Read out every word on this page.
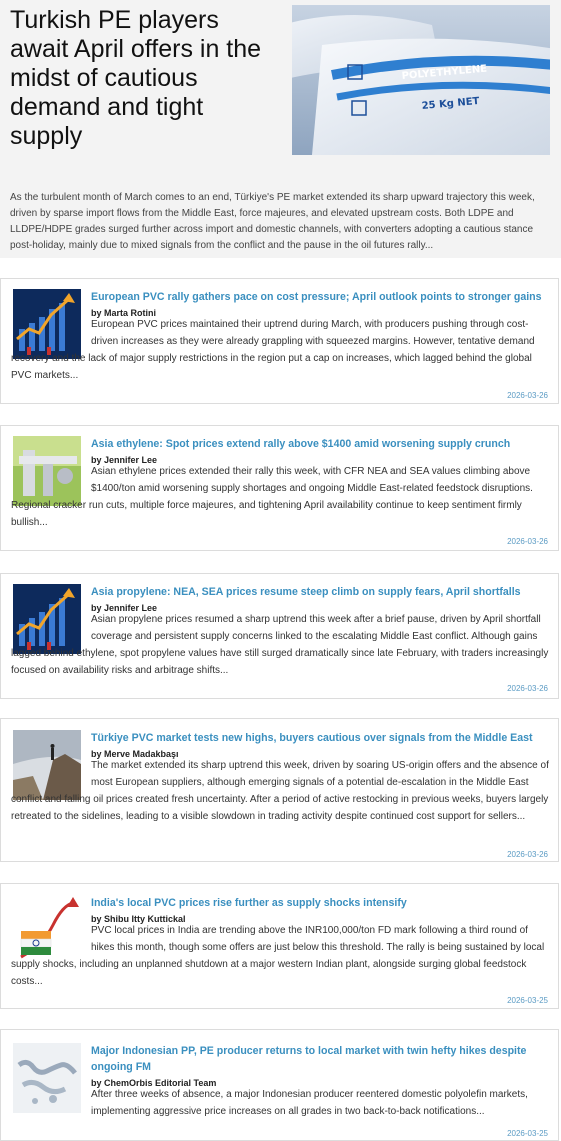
Turkish PE players await April offers in the midst of cautious demand and tight supply
POLYETHYLENE
25 Kg NET

As the turbulent month of March comes to an end, Türkiye's PE market extended its sharp upward trajectory this week, driven by sparse import flows from the Middle East, force majeures, and elevated upstream costs. Both LDPE and LLDPE/HDPE grades surged further across import and domestic channels, with converters adopting a cautious stance post-holiday, mainly due to mixed signals from the conflict and the pause in the oil futures rally...

European PVC rally gathers pace on cost pressure; April outlook points to stronger gains
by Marta Rotini
European PVC prices maintained their uptrend during March, with producers pushing through cost-driven increases as they were already grappling with squeezed margins. However, tentative demand recovery and the lack of major supply restrictions in the region put a cap on increases, which lagged behind the global PVC markets...
2026-03-26
Asia ethylene: Spot prices extend rally above $1400 amid worsening supply crunch
by Jennifer Lee
Asian ethylene prices extended their rally this week, with CFR NEA and SEA values climbing above $1400/ton amid worsening supply shortages and ongoing Middle East-related feedstock disruptions. Regional cracker run cuts, multiple force majeures, and tightening April availability continue to keep sentiment firmly bullish...
2026-03-26
Asia propylene: NEA, SEA prices resume steep climb on supply fears, April shortfalls
by Jennifer Lee
Asian propylene prices resumed a sharp uptrend this week after a brief pause, driven by April shortfall coverage and persistent supply concerns linked to the escalating Middle East conflict. Although gains lagged behind ethylene, spot propylene values have still surged dramatically since late February, with traders increasingly focused on availability risks and arbitrage shifts...
2026-03-26
Türkiye PVC market tests new highs, buyers cautious over signals from the Middle East
by Merve Madakbaşı
The market extended its sharp uptrend this week, driven by soaring US-origin offers and the absence of most European suppliers, although emerging signals of a potential de-escalation in the Middle East conflict and falling oil prices created fresh uncertainty. After a period of active restocking in previous weeks, buyers largely retreated to the sidelines, leading to a visible slowdown in trading activity despite continued cost support for sellers...
2026-03-26
India's local PVC prices rise further as supply shocks intensify
by Shibu Itty Kuttickal
PVC local prices in India are trending above the INR100,000/ton FD mark following a third round of hikes this month, though some offers are just below this threshold. The rally is being sustained by local supply shocks, including an unplanned shutdown at a major western Indian plant, alongside surging global feedstock costs...
2026-03-25
Major Indonesian PP, PE producer returns to local market with twin hefty hikes despite ongoing FM
by ChemOrbis Editorial Team
After three weeks of absence, a major Indonesian producer reentered domestic polyolefin markets, implementing aggressive price increases on all grades in two back-to-back notifications...
2026-03-25
